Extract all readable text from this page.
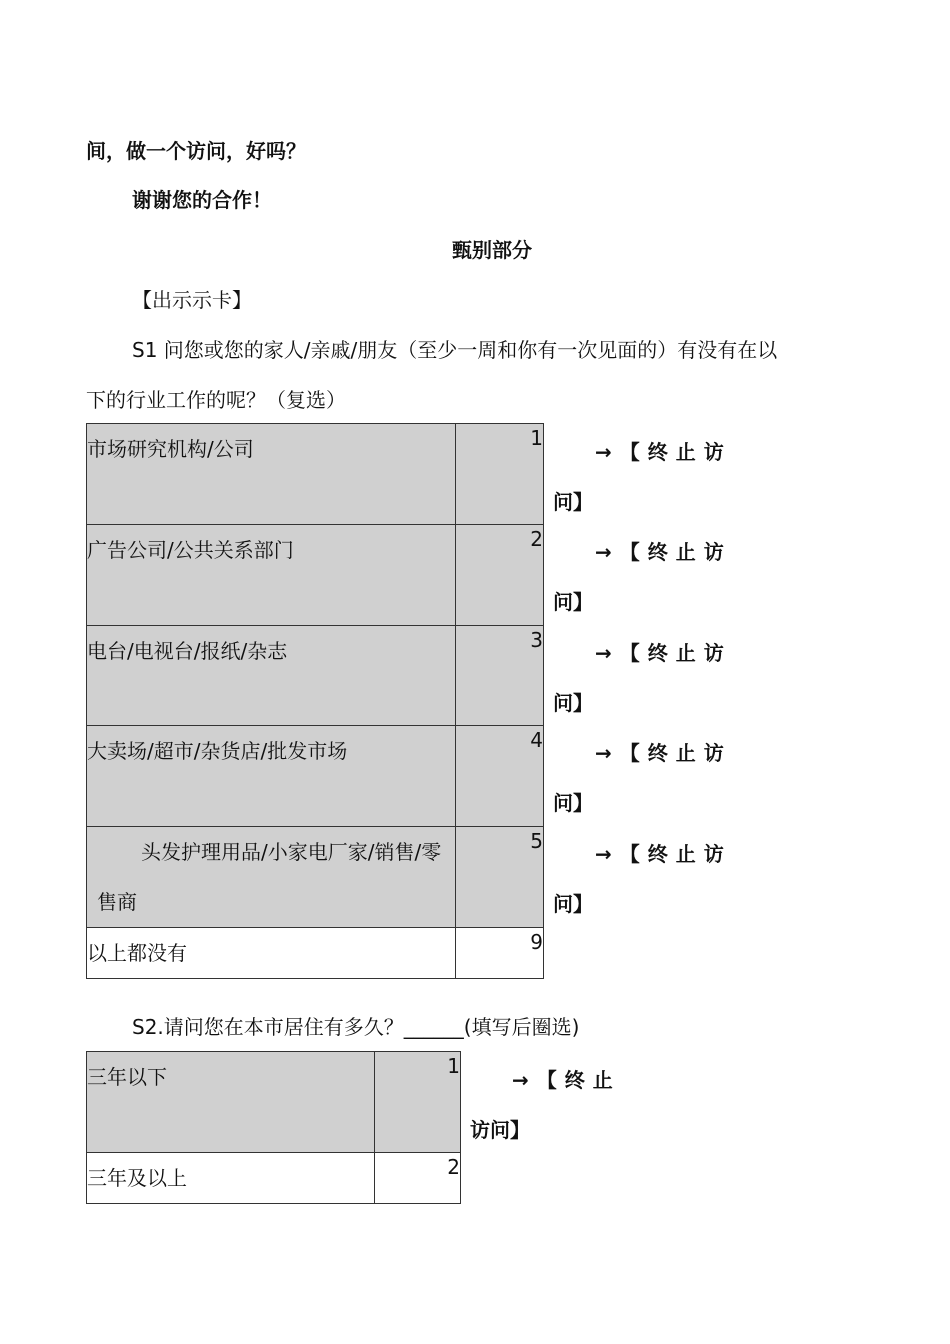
间，做一个访问，好吗？
谢谢您的合作！
甄别部分
【出示示卡】
S1 问您或您的家人/亲戚/朋友（至少一周和你有一次见面的）有没有在以
下的行业工作的呢？（复选）
市场研究机构/公司	1
广告公司/公共关系部门	2
电台/电视台/报纸/杂志	3
大卖场/超市/杂货店/批发市场	4
头发护理用品/小家电厂家/销售/零售商	5
以上都没有	9
→【终止访
问】
→【终止访
问】
→【终止访
问】
→【终止访
问】
→【终止访
问】
S2.请问您在本市居住有多久？______(填写后圈选)
三年以下	1
三年及以上	2
→【终止
访问】
